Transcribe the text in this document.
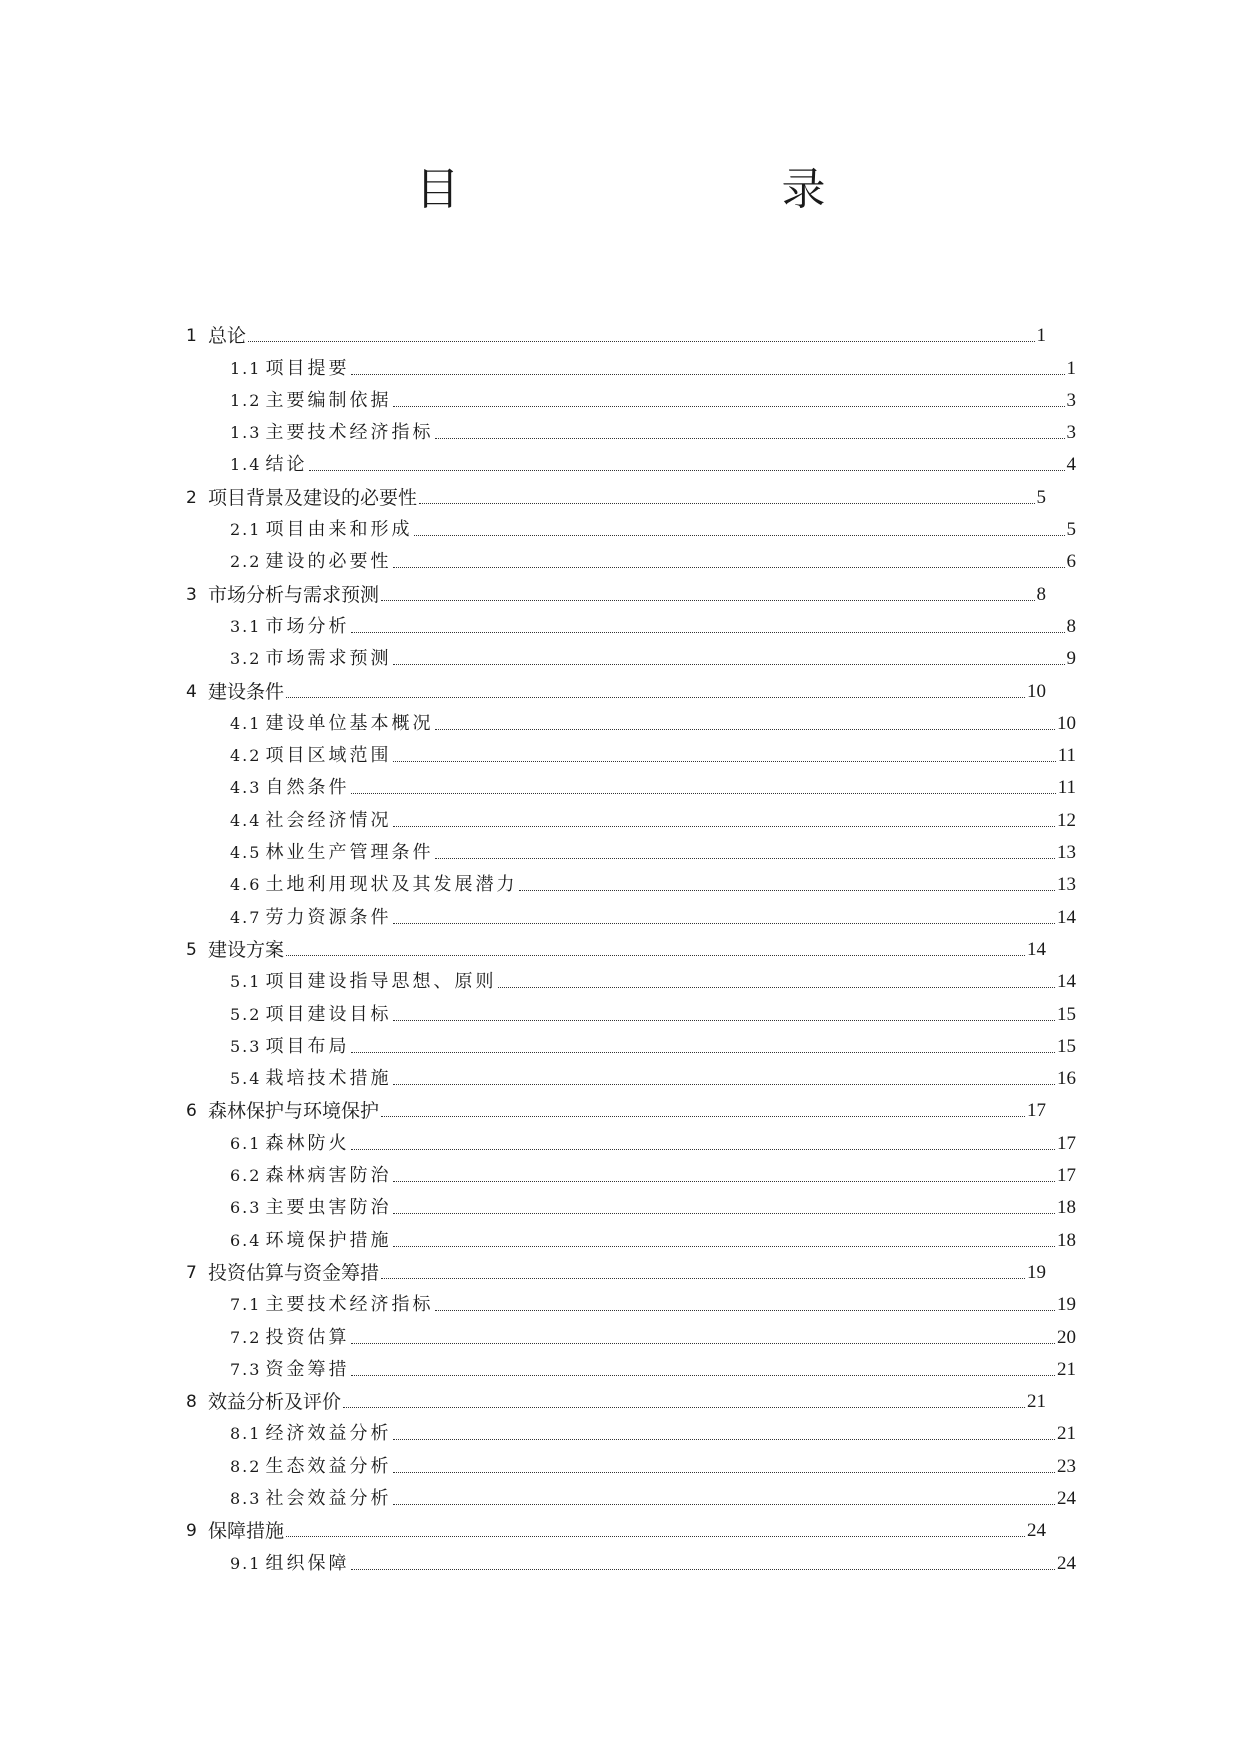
目　　录
1 总论	1
1.1 项目提要	1
1.2 主要编制依据	3
1.3 主要技术经济指标	3
1.4 结论	4
2 项目背景及建设的必要性	5
2.1 项目由来和形成	5
2.2 建设的必要性	6
3 市场分析与需求预测	8
3.1 市场分析	8
3.2 市场需求预测	9
4 建设条件	10
4.1 建设单位基本概况	10
4.2 项目区域范围	11
4.3 自然条件	11
4.4 社会经济情况	12
4.5 林业生产管理条件	13
4.6 土地利用现状及其发展潜力	13
4.7 劳力资源条件	14
5 建设方案	14
5.1 项目建设指导思想、原则	14
5.2 项目建设目标	15
5.3 项目布局	15
5.4 栽培技术措施	16
6 森林保护与环境保护	17
6.1 森林防火	17
6.2 森林病害防治	17
6.3 主要虫害防治	18
6.4 环境保护措施	18
7 投资估算与资金筹措	19
7.1 主要技术经济指标	19
7.2 投资估算	20
7.3 资金筹措	21
8 效益分析及评价	21
8.1 经济效益分析	21
8.2 生态效益分析	23
8.3 社会效益分析	24
9 保障措施	24
9.1 组织保障	24
